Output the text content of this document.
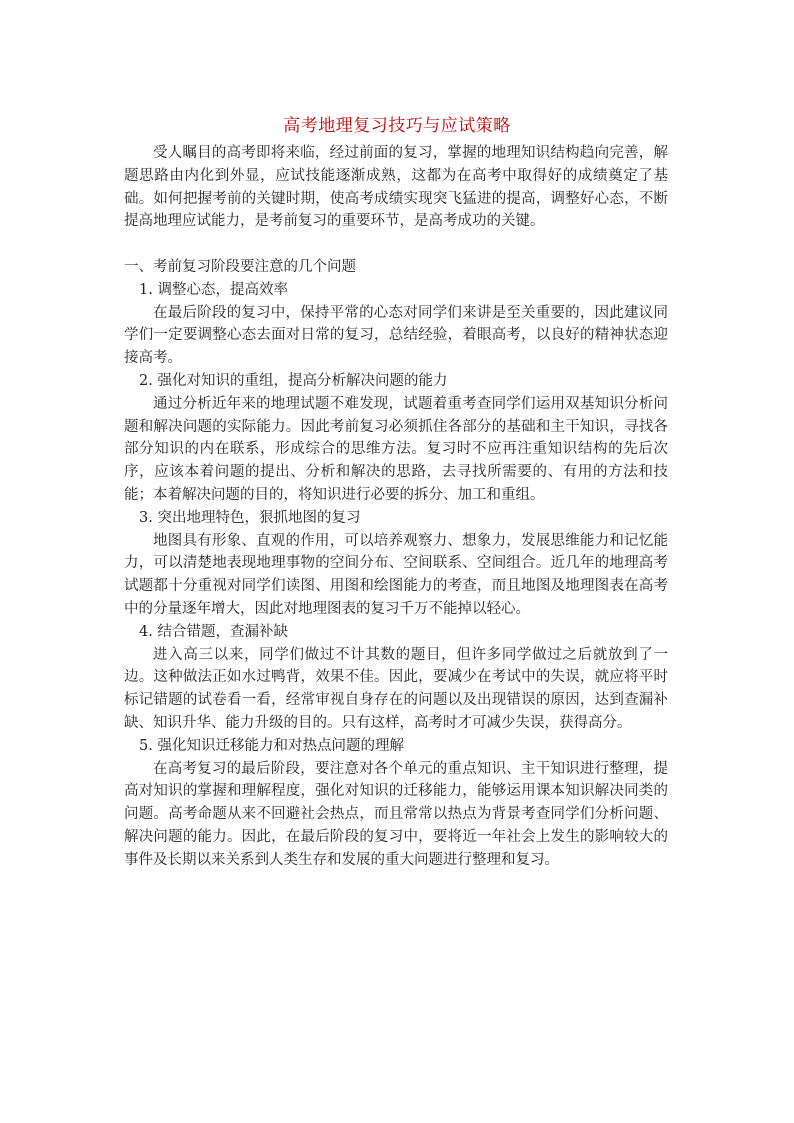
高考地理复习技巧与应试策略

受人瞩目的高考即将来临，经过前面的复习，掌握的地理知识结构趋向完善，解题思路由内化到外显，应试技能逐渐成熟，这都为在高考中取得好的成绩奠定了基础。如何把握考前的关键时期，使高考成绩实现突飞猛进的提高，调整好心态，不断提高地理应试能力，是考前复习的重要环节，是高考成功的关键。

一、考前复习阶段要注意的几个问题

1. 调整心态，提高效率

在最后阶段的复习中，保持平常的心态对同学们来讲是至关重要的，因此建议同学们一定要调整心态去面对日常的复习，总结经验，着眼高考，以良好的精神状态迎接高考。

2. 强化对知识的重组，提高分析解决问题的能力

通过分析近年来的地理试题不难发现，试题着重考查同学们运用双基知识分析问题和解决问题的实际能力。因此考前复习必须抓住各部分的基础和主干知识，寻找各部分知识的内在联系，形成综合的思维方法。复习时不应再注重知识结构的先后次序，应该本着问题的提出、分析和解决的思路，去寻找所需要的、有用的方法和技能；本着解决问题的目的，将知识进行必要的拆分、加工和重组。

3. 突出地理特色，狠抓地图的复习

地图具有形象、直观的作用，可以培养观察力、想象力，发展思维能力和记忆能力，可以清楚地表现地理事物的空间分布、空间联系、空间组合。近几年的地理高考试题都十分重视对同学们读图、用图和绘图能力的考查，而且地图及地理图表在高考中的分量逐年增大，因此对地理图表的复习千万不能掉以轻心。

4. 结合错题，查漏补缺

进入高三以来，同学们做过不计其数的题目，但许多同学做过之后就放到了一边。这种做法正如水过鸭背，效果不佳。因此，要减少在考试中的失误，就应将平时标记错题的试卷看一看，经常审视自身存在的问题以及出现错误的原因，达到查漏补缺、知识升华、能力升级的目的。只有这样，高考时才可减少失误，获得高分。

5. 强化知识迁移能力和对热点问题的理解

在高考复习的最后阶段，要注意对各个单元的重点知识、主干知识进行整理，提高对知识的掌握和理解程度，强化对知识的迁移能力，能够运用课本知识解决同类的问题。高考命题从来不回避社会热点，而且常常以热点为背景考查同学们分析问题、解决问题的能力。因此，在最后阶段的复习中，要将近一年社会上发生的影响较大的事件及长期以来关系到人类生存和发展的重大问题进行整理和复习。
